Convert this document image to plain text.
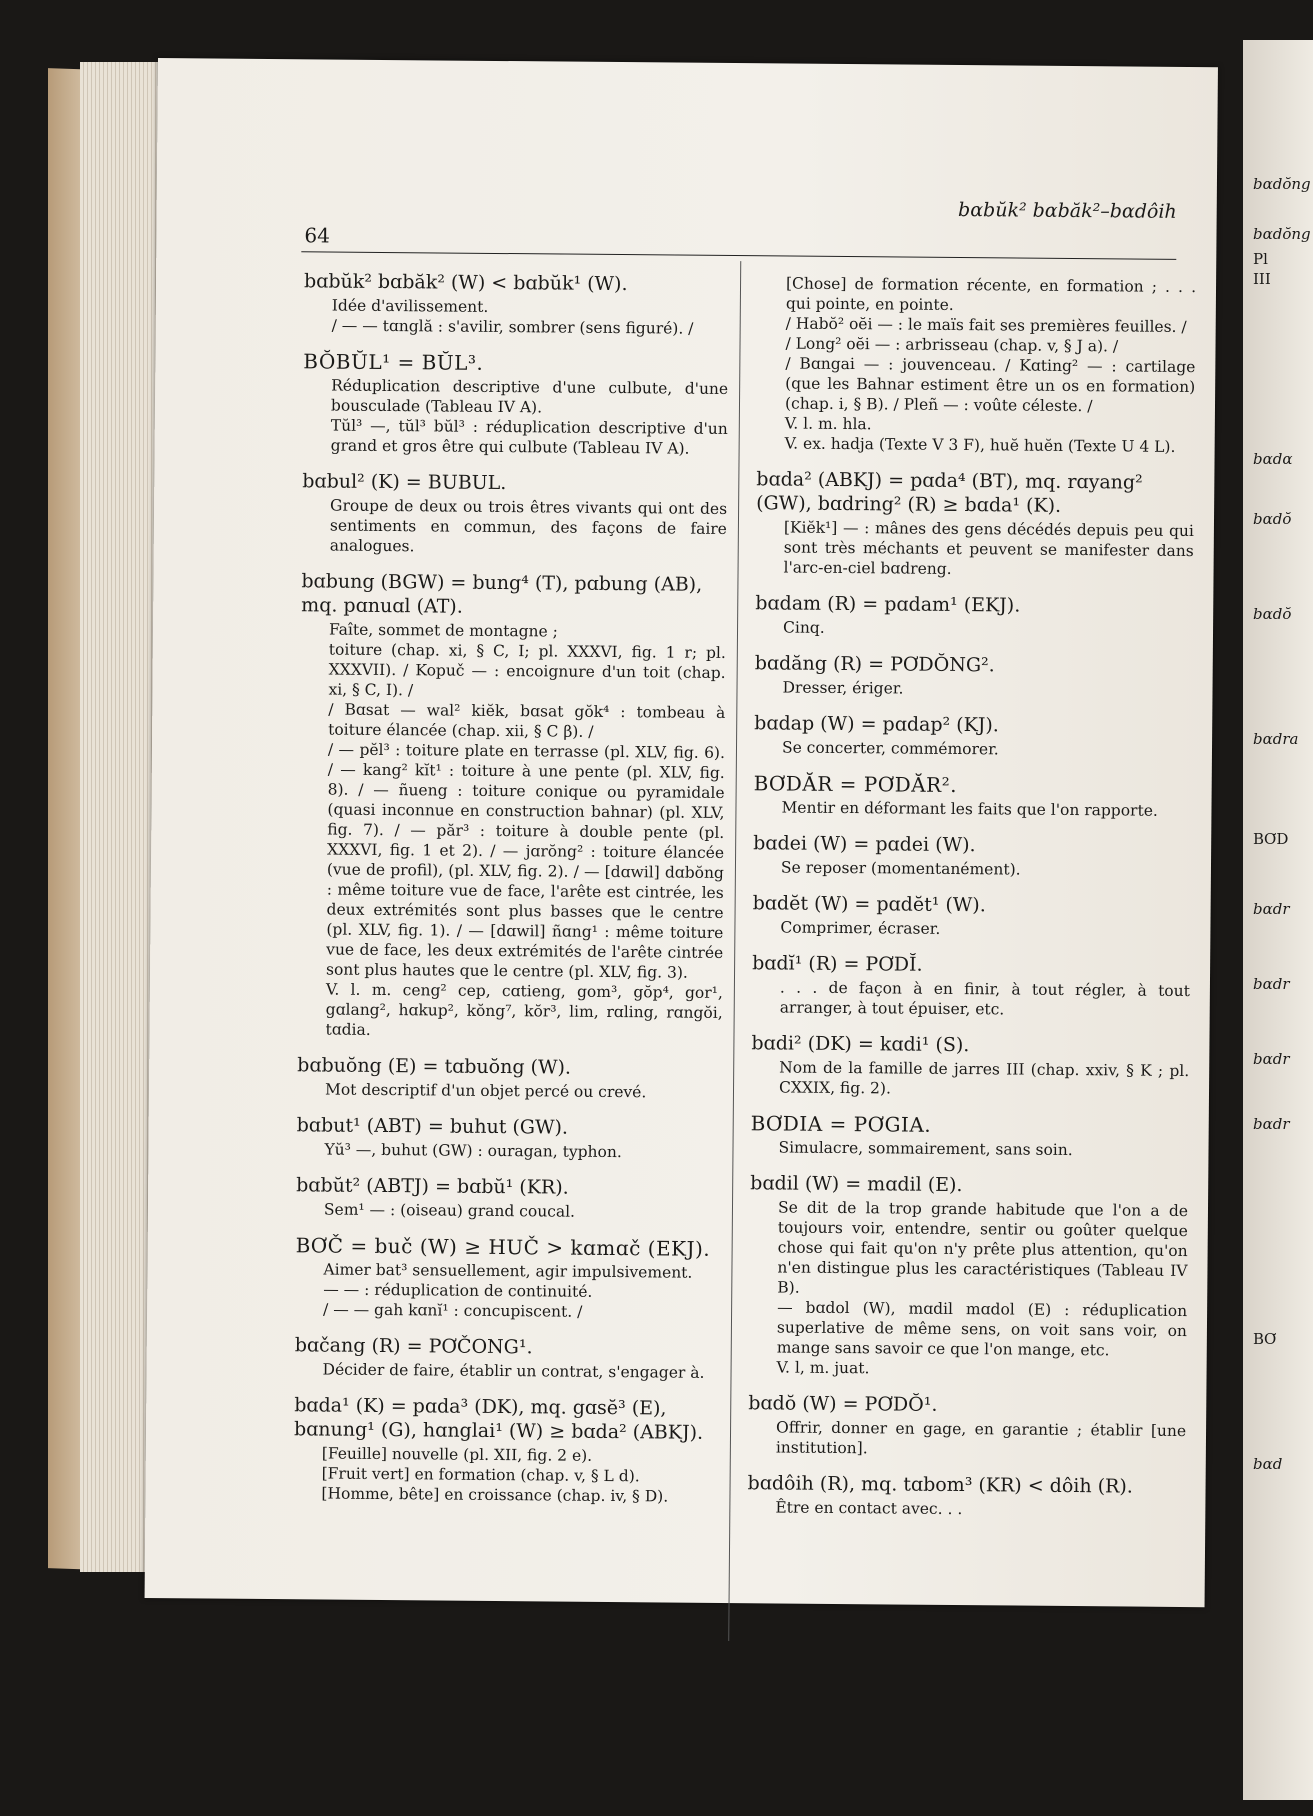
bɑdŏng
bɑdŏng
Pl
III
bɑdɑ
bɑdŏ
bɑdŏ
bɑdra
BƠD
bɑdr
bɑdr
bɑdr
bɑdr
BƠ
bɑd
bɑbŭk² bɑbăk²–bɑdôih
64
bɑbŭk² bɑbăk² (W) < bɑbŭk¹ (W).
Idée d'avilissement.
/ — — tɑnglă : s'avilir, sombrer (sens figuré). /
BŎBŬL¹ = BŬL³.
Réduplication descriptive d'une culbute, d'une bousculade (Tableau IV A).
Tŭl³ —, tŭl³ bŭl³ : réduplication descriptive d'un grand et gros être qui culbute (Tableau IV A).
bɑbul² (K) = BUBUL.
Groupe de deux ou trois êtres vivants qui ont des sentiments en commun, des façons de faire analogues.
bɑbung (BGW) = bung⁴ (T), pɑbung (AB), mq. pɑnuɑl (AT).
Faîte, sommet de montagne ;
toiture (chap. xi, § C, I; pl. XXXVI, fig. 1 r; pl. XXXVII). / Kopuč — : encoignure d'un toit (chap. xi, § C, I). /
/ Bɑsat — wal² kiĕk, bɑsat gŏk⁴ : tombeau à toiture élancée (chap. xii, § C β). /
/ — pĕl³ : toiture plate en terrasse (pl. XLV, fig. 6). / — kang² kĭt¹ : toiture à une pente (pl. XLV, fig. 8). / — ñueng : toiture conique ou pyramidale (quasi inconnue en construction bahnar) (pl. XLV, fig. 7). / — păr³ : toiture à double pente (pl. XXXVI, fig. 1 et 2). / — jɑrŏng² : toiture élancée (vue de profil), (pl. XLV, fig. 2). / — [dɑwil] dɑbŏng : même toiture vue de face, l'arête est cintrée, les deux extrémités sont plus basses que le centre (pl. XLV, fig. 1). / — [dɑwil] ñɑng¹ : même toiture vue de face, les deux extrémités de l'arête cintrée sont plus hautes que le centre (pl. XLV, fig. 3).
V. l. m. ceng² cep, cɑtieng, gom³, gŏp⁴, gor¹, gɑlang², hɑkup², kŏng⁷, kŏr³, lim, rɑling, rɑngŏi, tɑdia.
bɑbuŏng (E) = tɑbuŏng (W).
Mot descriptif d'un objet percé ou crevé.
bɑbut¹ (ABT) = buhut (GW).
Yŭ³ —, buhut (GW) : ouragan, typhon.
bɑbŭt² (ABTJ) = bɑbŭ¹ (KR).
Sem¹ — : (oiseau) grand coucal.
BƠČ = buč (W) ≥ HUČ > kɑmɑč (EKJ).
Aimer bat³ sensuellement, agir impulsivement.
— — : réduplication de continuité.
/ — — gah kɑnĭ¹ : concupiscent. /
bɑčang (R) = PƠČONG¹.
Décider de faire, établir un contrat, s'engager à.
bɑda¹ (K) = pɑda³ (DK), mq. gɑsĕ³ (E), bɑnung¹ (G), hɑnglai¹ (W) ≥ bɑda² (ABKJ).
[Feuille] nouvelle (pl. XII, fig. 2 e).
[Fruit vert] en formation (chap. v, § L d).
[Homme, bête] en croissance (chap. iv, § D).
[Chose] de formation récente, en formation ; . . . qui pointe, en pointe.
/ Habŏ² oĕi — : le maïs fait ses premières feuilles. /
/ Long² oĕi — : arbrisseau (chap. v, § J a). /
/ Bɑngai — : jouvenceau. / Kɑting² — : cartilage (que les Bahnar estiment être un os en formation) (chap. i, § B). / Pleñ — : voûte céleste. /
V. l. m. hla.
V. ex. hadja (Texte V 3 F), huĕ huĕn (Texte U 4 L).
bɑda² (ABKJ) = pɑda⁴ (BT), mq. rɑyang² (GW), bɑdring² (R) ≥ bɑda¹ (K).
[Kiĕk¹] — : mânes des gens décédés depuis peu qui sont très méchants et peuvent se manifester dans l'arc-en-ciel bɑdreng.
bɑdam (R) = pɑdam¹ (EKJ).
Cinq.
bɑdăng (R) = PƠDŎNG².
Dresser, ériger.
bɑdap (W) = pɑdap² (KJ).
Se concerter, commémorer.
BƠDĂR = PƠDĂR².
Mentir en déformant les faits que l'on rapporte.
bɑdei (W) = pɑdei (W).
Se reposer (momentanément).
bɑdĕt (W) = pɑdĕt¹ (W).
Comprimer, écraser.
bɑdĭ¹ (R) = PƠDĬ.
. . . de façon à en finir, à tout régler, à tout arranger, à tout épuiser, etc.
bɑdi² (DK) = kɑdi¹ (S).
Nom de la famille de jarres III (chap. xxiv, § K ; pl. CXXIX, fig. 2).
BƠDIA = PƠGIA.
Simulacre, sommairement, sans soin.
bɑdil (W) = mɑdil (E).
Se dit de la trop grande habitude que l'on a de toujours voir, entendre, sentir ou goûter quelque chose qui fait qu'on n'y prête plus attention, qu'on n'en distingue plus les caractéristiques (Tableau IV B).
— bɑdol (W), mɑdil mɑdol (E) : réduplication superlative de même sens, on voit sans voir, on mange sans savoir ce que l'on mange, etc.
V. l, m. juat.
bɑdŏ (W) = PƠDŎ¹.
Offrir, donner en gage, en garantie ; établir [une institution].
bɑdôih (R), mq. tɑbom³ (KR) < dôih (R).
Être en contact avec. . .
